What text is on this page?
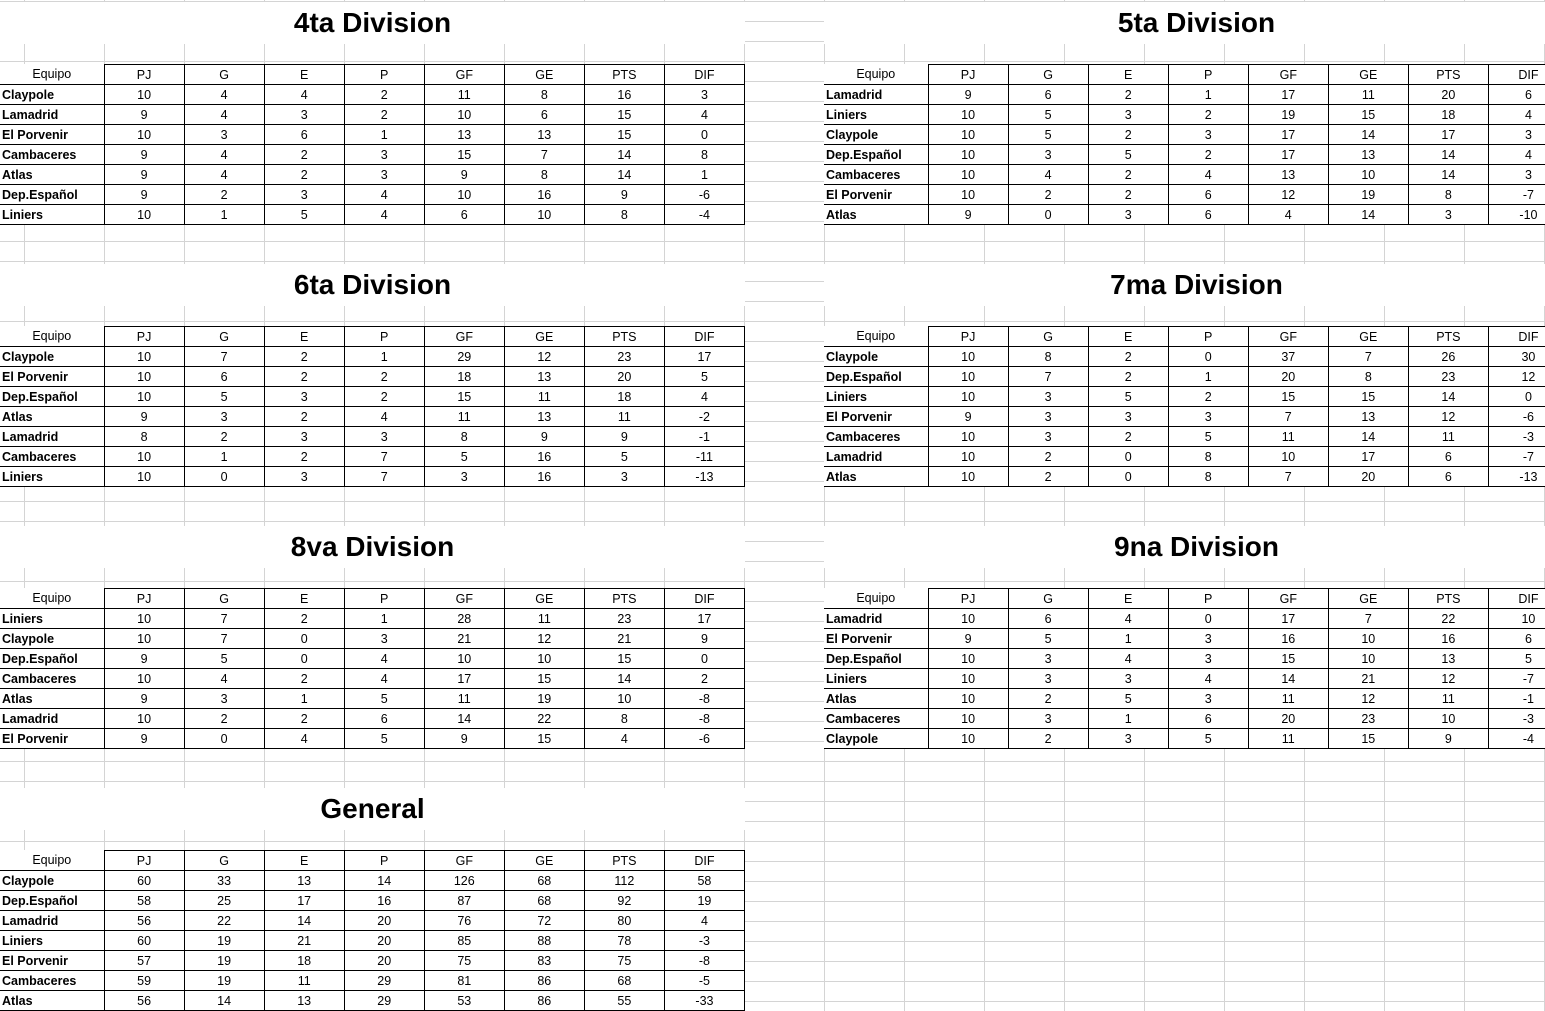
4ta Division
Equipo	PJ	G	E	P	GF	GE	PTS	DIF
Claypole	10	4	4	2	11	8	16	3
Lamadrid	9	4	3	2	10	6	15	4
El Porvenir	10	3	6	1	13	13	15	0
Cambaceres	9	4	2	3	15	7	14	8
Atlas	9	4	2	3	9	8	14	1
Dep.Español	9	2	3	4	10	16	9	-6
Liniers	10	1	5	4	6	10	8	-4
5ta Division
Equipo	PJ	G	E	P	GF	GE	PTS	DIF
Lamadrid	9	6	2	1	17	11	20	6
Liniers	10	5	3	2	19	15	18	4
Claypole	10	5	2	3	17	14	17	3
Dep.Español	10	3	5	2	17	13	14	4
Cambaceres	10	4	2	4	13	10	14	3
El Porvenir	10	2	2	6	12	19	8	-7
Atlas	9	0	3	6	4	14	3	-10
6ta Division
Equipo	PJ	G	E	P	GF	GE	PTS	DIF
Claypole	10	7	2	1	29	12	23	17
El Porvenir	10	6	2	2	18	13	20	5
Dep.Español	10	5	3	2	15	11	18	4
Atlas	9	3	2	4	11	13	11	-2
Lamadrid	8	2	3	3	8	9	9	-1
Cambaceres	10	1	2	7	5	16	5	-11
Liniers	10	0	3	7	3	16	3	-13
7ma Division
Equipo	PJ	G	E	P	GF	GE	PTS	DIF
Claypole	10	8	2	0	37	7	26	30
Dep.Español	10	7	2	1	20	8	23	12
Liniers	10	3	5	2	15	15	14	0
El Porvenir	9	3	3	3	7	13	12	-6
Cambaceres	10	3	2	5	11	14	11	-3
Lamadrid	10	2	0	8	10	17	6	-7
Atlas	10	2	0	8	7	20	6	-13
8va Division
Equipo	PJ	G	E	P	GF	GE	PTS	DIF
Liniers	10	7	2	1	28	11	23	17
Claypole	10	7	0	3	21	12	21	9
Dep.Español	9	5	0	4	10	10	15	0
Cambaceres	10	4	2	4	17	15	14	2
Atlas	9	3	1	5	11	19	10	-8
Lamadrid	10	2	2	6	14	22	8	-8
El Porvenir	9	0	4	5	9	15	4	-6
9na Division
Equipo	PJ	G	E	P	GF	GE	PTS	DIF
Lamadrid	10	6	4	0	17	7	22	10
El Porvenir	9	5	1	3	16	10	16	6
Dep.Español	10	3	4	3	15	10	13	5
Liniers	10	3	3	4	14	21	12	-7
Atlas	10	2	5	3	11	12	11	-1
Cambaceres	10	3	1	6	20	23	10	-3
Claypole	10	2	3	5	11	15	9	-4
General
Equipo	PJ	G	E	P	GF	GE	PTS	DIF
Claypole	60	33	13	14	126	68	112	58
Dep.Español	58	25	17	16	87	68	92	19
Lamadrid	56	22	14	20	76	72	80	4
Liniers	60	19	21	20	85	88	78	-3
El Porvenir	57	19	18	20	75	83	75	-8
Cambaceres	59	19	11	29	81	86	68	-5
Atlas	56	14	13	29	53	86	55	-33
